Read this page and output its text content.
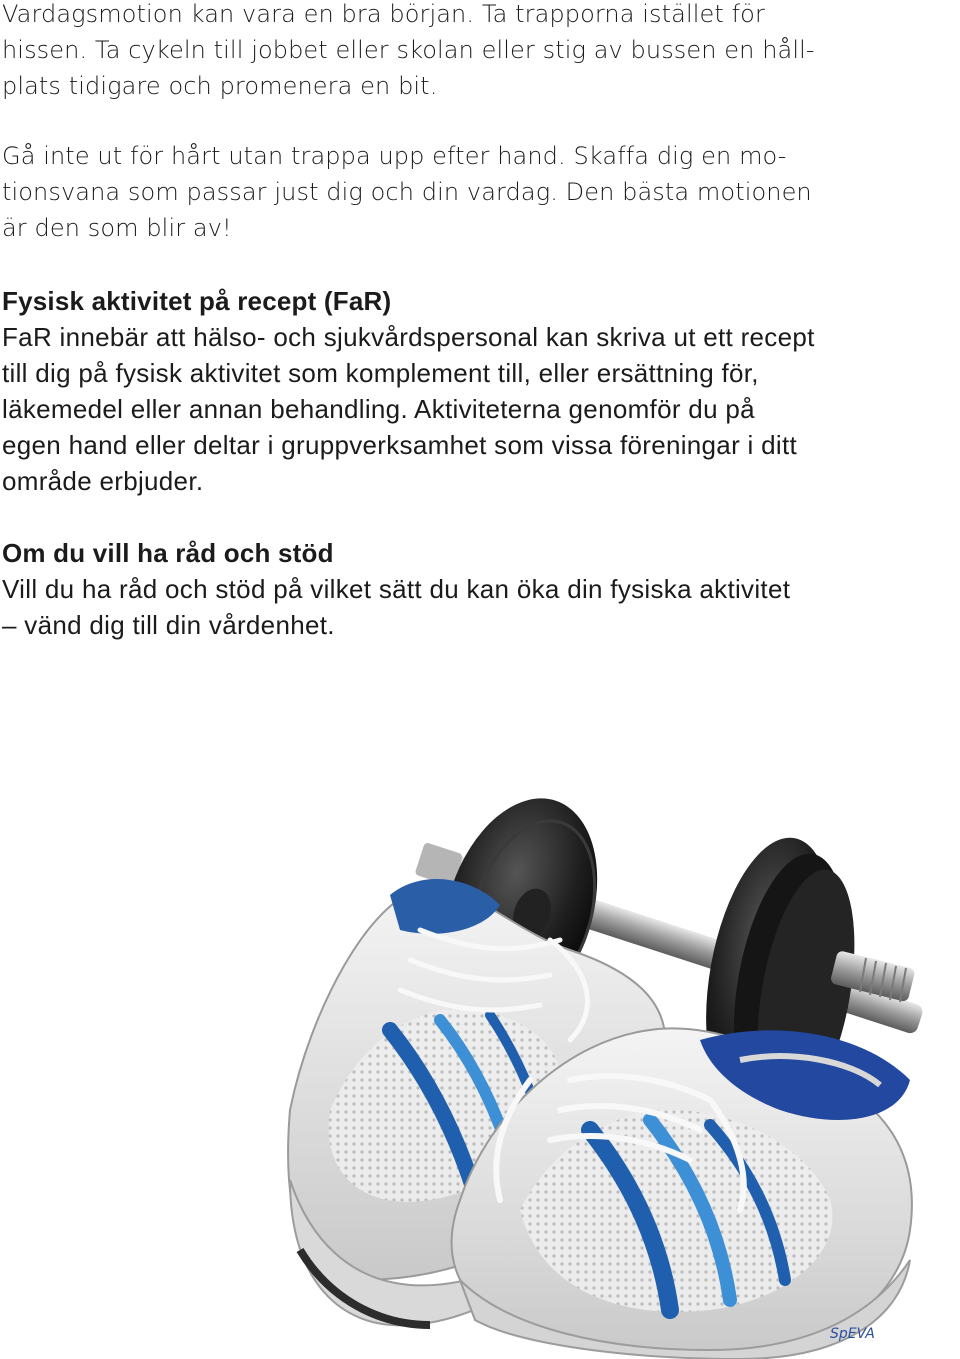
Vardagsmotion kan vara en bra början. Ta trapporna istället för
hissen. Ta cykeln till jobbet eller skolan eller stig av bussen en håll-
plats tidigare och promenera en bit.
Gå inte ut för hårt utan trappa upp efter hand. Skaffa dig en mo-
tionsvana som passar just dig och din vardag. Den bästa motionen
är den som blir av!
Fysisk aktivitet på recept (FaR)
FaR innebär att hälso- och sjukvårdspersonal kan skriva ut ett recept
till dig på fysisk aktivitet som komplement till, eller ersättning för,
läkemedel eller annan behandling. Aktiviteterna genomför du på
egen hand eller deltar i gruppverksamhet som vissa föreningar i ditt
område erbjuder.
Om du vill ha råd och stöd
Vill du ha råd och stöd på vilket sätt du kan öka din fysiska aktivitet
– vänd dig till din vårdenhet.
SpEVA
